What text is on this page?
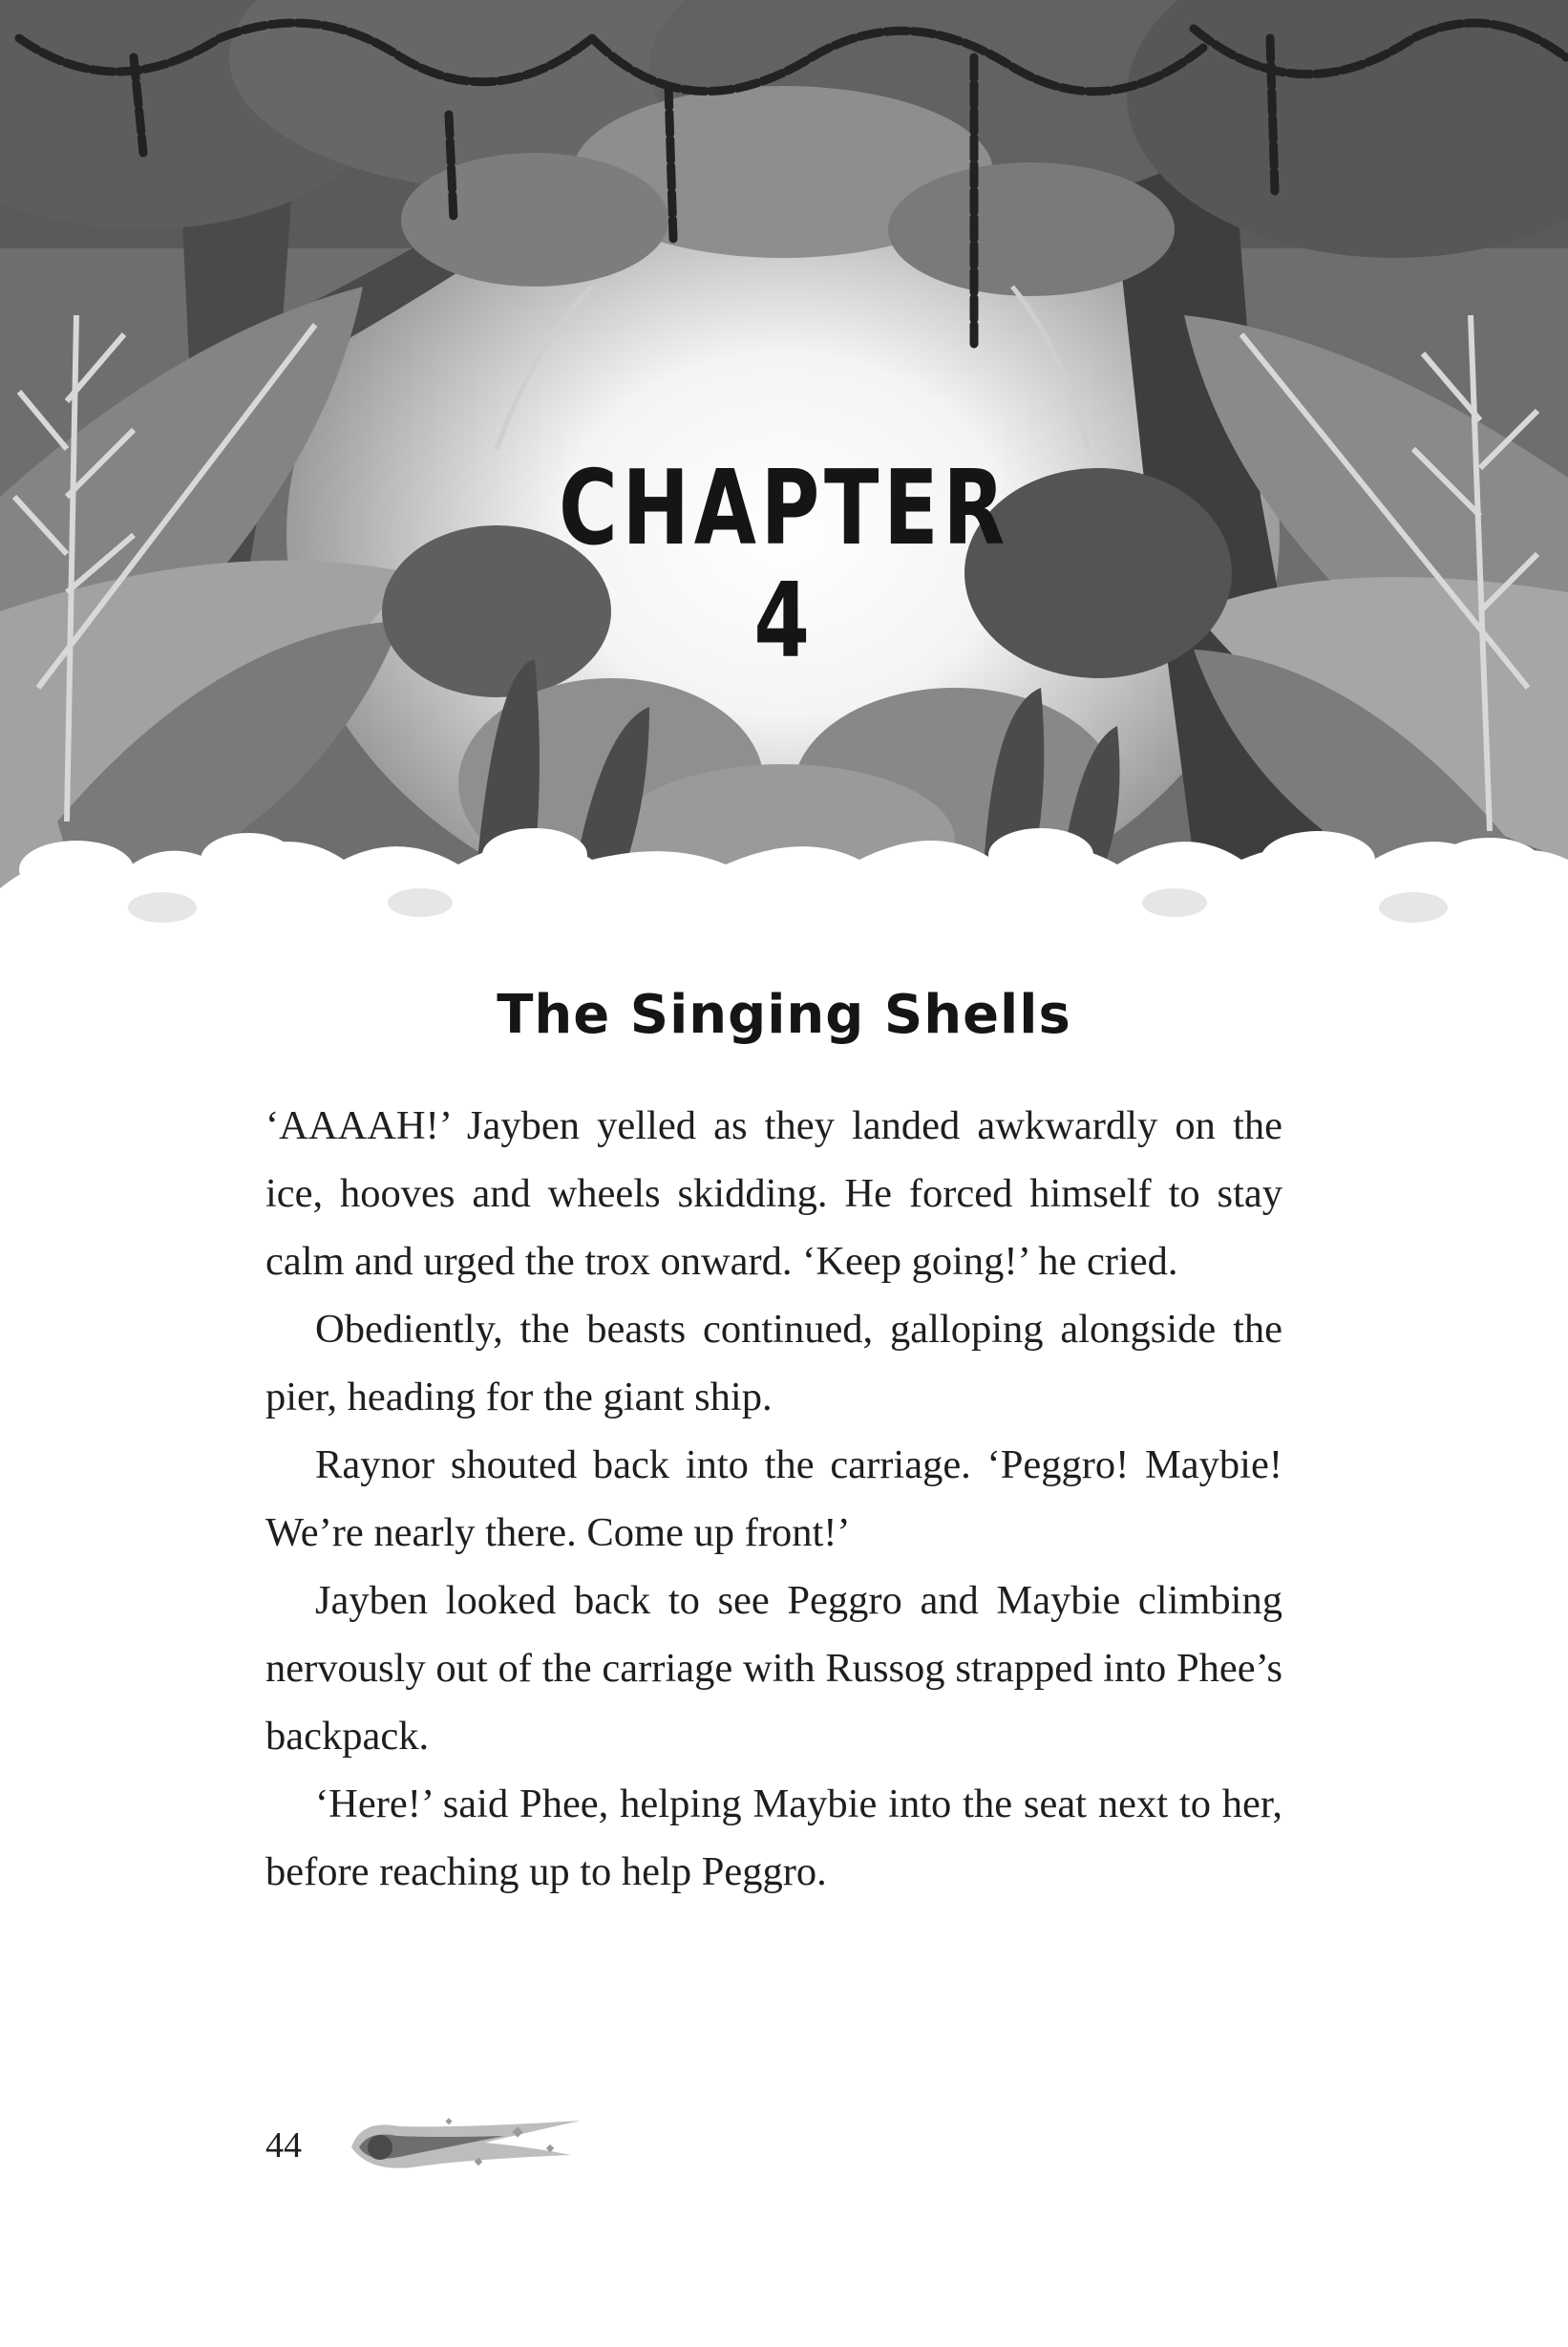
CHAPTER
4
The Singing Shells

‘AAAAH!’ Jayben yelled as they landed awkwardly on the ice, hooves and wheels skidding. He forced himself to stay calm and urged the trox onward. ‘Keep going!’ he cried.

Obediently, the beasts continued, galloping alongside the pier, heading for the giant ship.

Raynor shouted back into the carriage. ‘Peggro! Maybie! We’re nearly there. Come up front!’

Jayben looked back to see Peggro and Maybie climbing nervously out of the carriage with Russog strapped into Phee’s backpack.

‘Here!’ said Phee, helping Maybie into the seat next to her, before reaching up to help Peggro.

44
